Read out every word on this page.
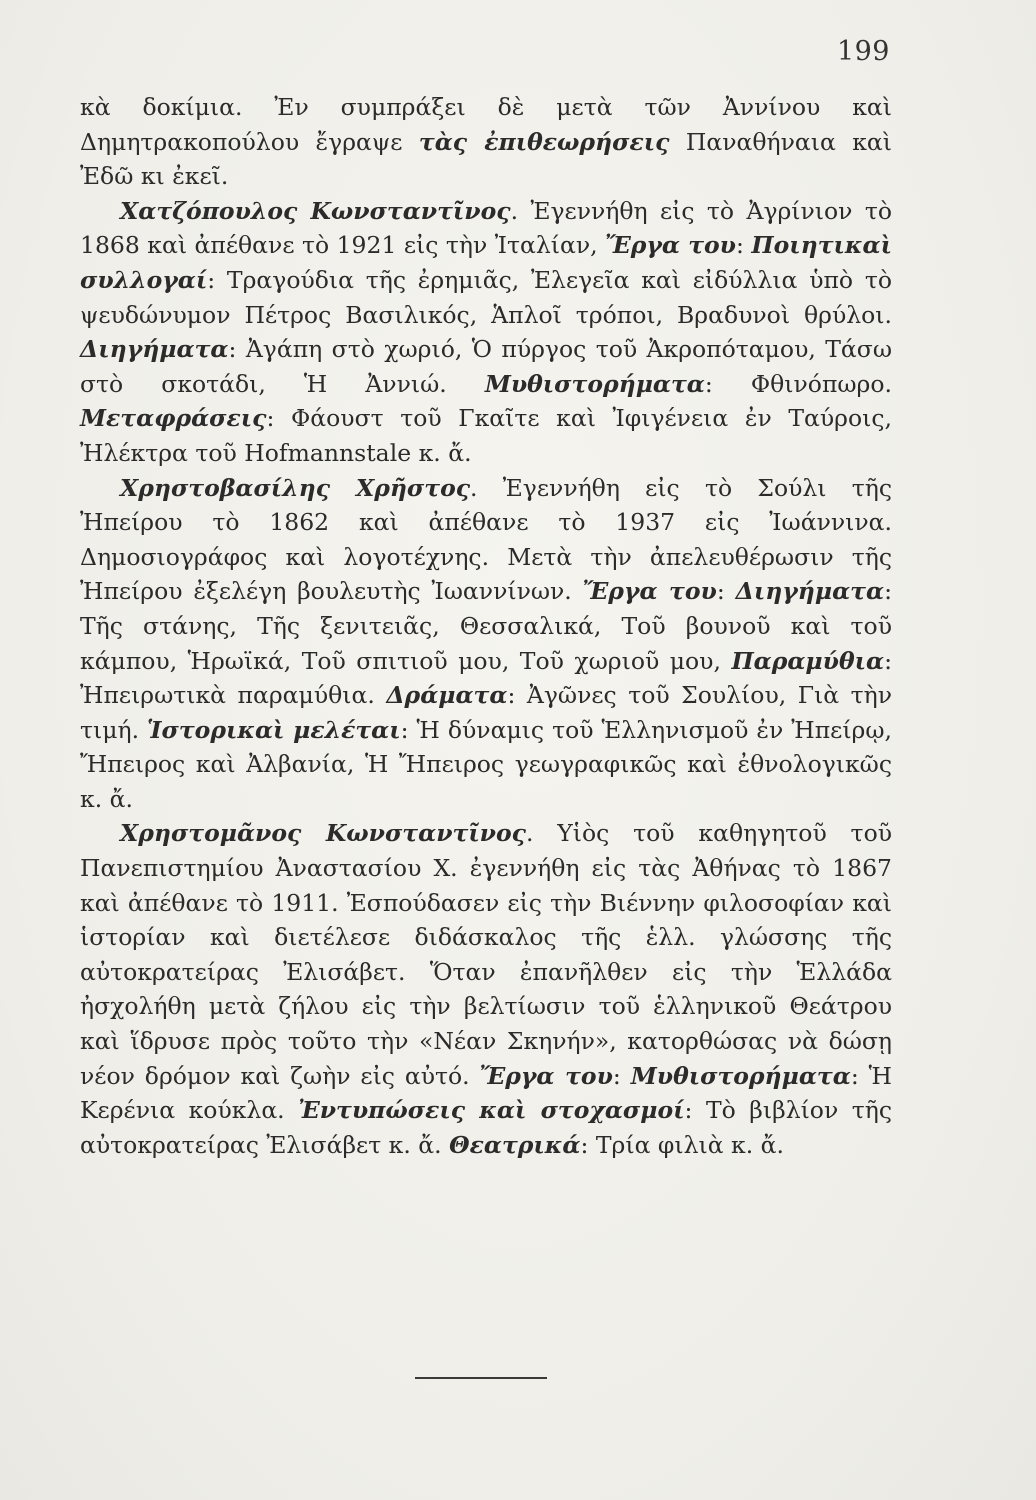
199

κὰ δοκίμια. Ἐν συμπράξει δὲ μετὰ τῶν Ἀννίνου καὶ Δημητρακοπούλου ἔγραψε τὰς ἐπιθεωρήσεις Παναθήναια καὶ Ἐδῶ κι ἐκεῖ.

Χατζόπουλος Κωνσταντῖνος. Ἐγεννήθη εἰς τὸ Ἀγρίνιον τὸ 1868 καὶ ἀπέθανε τὸ 1921 εἰς τὴν Ἰταλίαν, Ἔργα του: Ποιητικαὶ συλλογαί: Τραγούδια τῆς ἐρημιᾶς, Ἐλεγεῖα καὶ εἰδύλλια ὑπὸ τὸ ψευδώνυμον Πέτρος Βασιλικός, Ἁπλοῖ τρόποι, Βραδυνοὶ θρύλοι. Διηγήματα: Ἀγάπη στὸ χωριό, Ὁ πύργος τοῦ Ἀκροπόταμου, Τάσω στὸ σκοτάδι, Ἡ Ἀννιώ. Μυθιστορήματα: Φθινόπωρο. Μεταφράσεις: Φάουστ τοῦ Γκαῖτε καὶ Ἰφιγένεια ἐν Ταύροις, Ἠλέκτρα τοῦ Hofmannstale κ. ἄ.

Χρηστοβασίλης Χρῆστος. Ἐγεννήθη εἰς τὸ Σούλι τῆς Ἠπείρου τὸ 1862 καὶ ἀπέθανε τὸ 1937 εἰς Ἰωάννινα. Δημοσιογράφος καὶ λογοτέχνης. Μετὰ τὴν ἀπελευθέρωσιν τῆς Ἠπείρου ἐξελέγη βουλευτὴς Ἰωαννίνων. Ἔργα του: Διηγήματα: Τῆς στάνης, Τῆς ξενιτειᾶς, Θεσσαλικά, Τοῦ βουνοῦ καὶ τοῦ κάμπου, Ἡρωϊκά, Τοῦ σπιτιοῦ μου, Τοῦ χωριοῦ μου, Παραμύθια: Ἠπειρωτικὰ παραμύθια. Δράματα: Ἀγῶνες τοῦ Σουλίου, Γιὰ τὴν τιμή. Ἱστορικαὶ μελέται: Ἡ δύναμις τοῦ Ἑλληνισμοῦ ἐν Ἠπείρῳ, Ἤπειρος καὶ Ἀλβανία, Ἡ Ἤπειρος γεωγραφικῶς καὶ ἐθνολογικῶς κ. ἄ.

Χρηστομᾶνος Κωνσταντῖνος. Υἱὸς τοῦ καθηγητοῦ τοῦ Πανεπιστημίου Ἀναστασίου Χ. ἐγεννήθη εἰς τὰς Ἀθήνας τὸ 1867 καὶ ἀπέθανε τὸ 1911. Ἐσπούδασεν εἰς τὴν Βιέννην φιλοσοφίαν καὶ ἱστορίαν καὶ διετέλεσε διδάσκαλος τῆς ἑλλ. γλώσσης τῆς αὐτοκρατείρας Ἐλισάβετ. Ὅταν ἐπανῆλθεν εἰς τὴν Ἑλλάδα ἠσχολήθη μετὰ ζήλου εἰς τὴν βελτίωσιν τοῦ ἑλληνικοῦ Θεάτρου καὶ ἵδρυσε πρὸς τοῦτο τὴν «Νέαν Σκηνήν», κατορθώσας νὰ δώσῃ νέον δρόμον καὶ ζωὴν εἰς αὐτό. Ἔργα του: Μυθιστορήματα: Ἡ Κερένια κούκλα. Ἐντυπώσεις καὶ στοχασμοί: Τὸ βιβλίον τῆς αὐτοκρατείρας Ἐλισάβετ κ. ἄ. Θεατρικά: Τρία φιλιὰ κ. ἄ.
